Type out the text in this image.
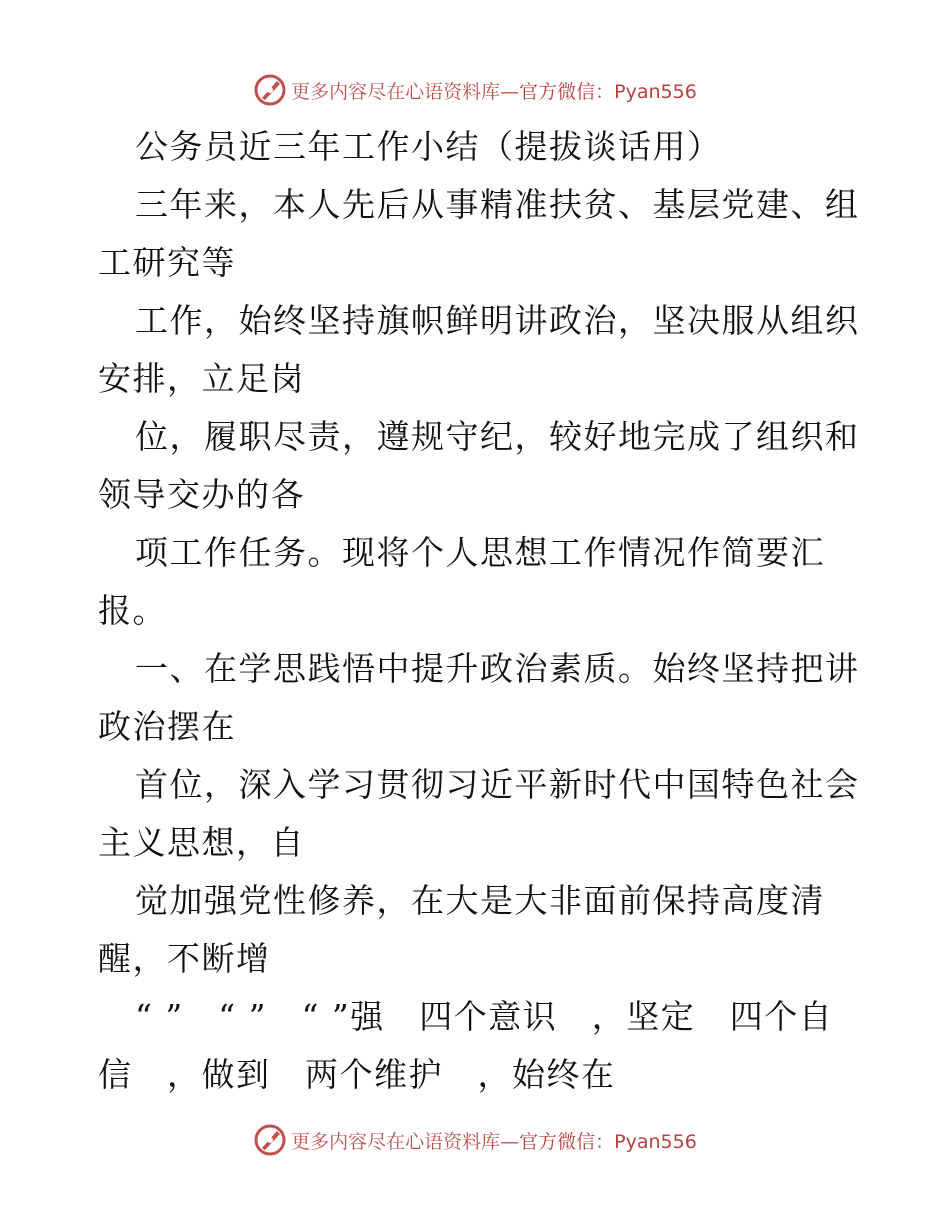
更多内容尽在心语资料库—官方微信：Pyan556
公务员近三年工作小结（提拔谈话用）
三年来，本人先后从事精准扶贫、基层党建、组
工研究等
工作，始终坚持旗帜鲜明讲政治，坚决服从组织
安排，立足岗
位，履职尽责，遵规守纪，较好地完成了组织和
领导交办的各
项工作任务。现将个人思想工作情况作简要汇
报。
一、在学思践悟中提升政治素质。始终坚持把讲
政治摆在
首位，深入学习贯彻习近平新时代中国特色社会
主义思想，自
觉加强党性修养，在大是大非面前保持高度清
醒，不断增
“ ”　“ ”　“ ”强　四个意识　，坚定　四个自
信　，做到　两个维护　，始终在
更多内容尽在心语资料库—官方微信：Pyan556
